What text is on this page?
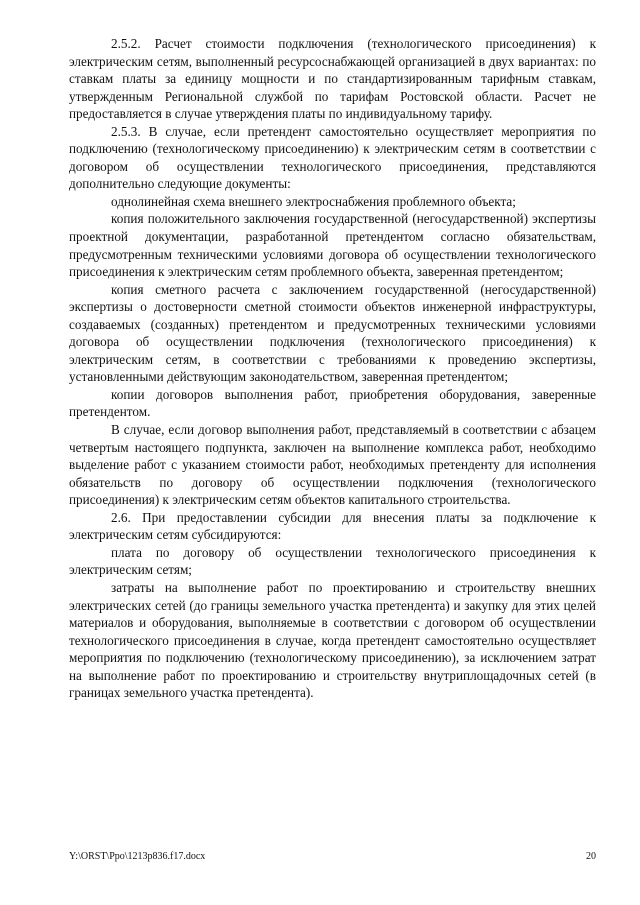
2.5.2. Расчет стоимости подключения (технологического присоединения) к электрическим сетям, выполненный ресурсоснабжающей организацией в двух вариантах: по ставкам платы за единицу мощности и по стандартизированным тарифным ставкам, утвержденным Региональной службой по тарифам Ростовской области. Расчет не предоставляется в случае утверждения платы по индивидуальному тарифу.

2.5.3. В случае, если претендент самостоятельно осуществляет мероприятия по подключению (технологическому присоединению) к электрическим сетям в соответствии с договором об осуществлении технологического присоединения, представляются дополнительно следующие документы:

однолинейная схема внешнего электроснабжения проблемного объекта;

копия положительного заключения государственной (негосударственной) экспертизы проектной документации, разработанной претендентом согласно обязательствам, предусмотренным техническими условиями договора об осуществлении технологического присоединения к электрическим сетям проблемного объекта, заверенная претендентом;

копия сметного расчета с заключением государственной (негосударственной) экспертизы о достоверности сметной стоимости объектов инженерной инфраструктуры, создаваемых (созданных) претендентом и предусмотренных техническими условиями договора об осуществлении подключения (технологического присоединения) к электрическим сетям, в соответствии с требованиями к проведению экспертизы, установленными действующим законодательством, заверенная претендентом;

копии договоров выполнения работ, приобретения оборудования, заверенные претендентом.

В случае, если договор выполнения работ, представляемый в соответствии с абзацем четвертым настоящего подпункта, заключен на выполнение комплекса работ, необходимо выделение работ с указанием стоимости работ, необходимых претенденту для исполнения обязательств по договору об осуществлении подключения (технологического присоединения) к электрическим сетям объектов капитального строительства.

2.6. При предоставлении субсидии для внесения платы за подключение к электрическим сетям субсидируются:

плата по договору об осуществлении технологического присоединения к электрическим сетям;

затраты на выполнение работ по проектированию и строительству внешних электрических сетей (до границы земельного участка претендента) и закупку для этих целей материалов и оборудования, выполняемые в соответствии с договором об осуществлении технологического присоединения в случае, когда претендент самостоятельно осуществляет мероприятия по подключению (технологическому присоединению), за исключением затрат на выполнение работ по проектированию и строительству внутриплощадочных сетей (в границах земельного участка претендента).

Y:\ORST\Ppo\1213p836.f17.docx	20
